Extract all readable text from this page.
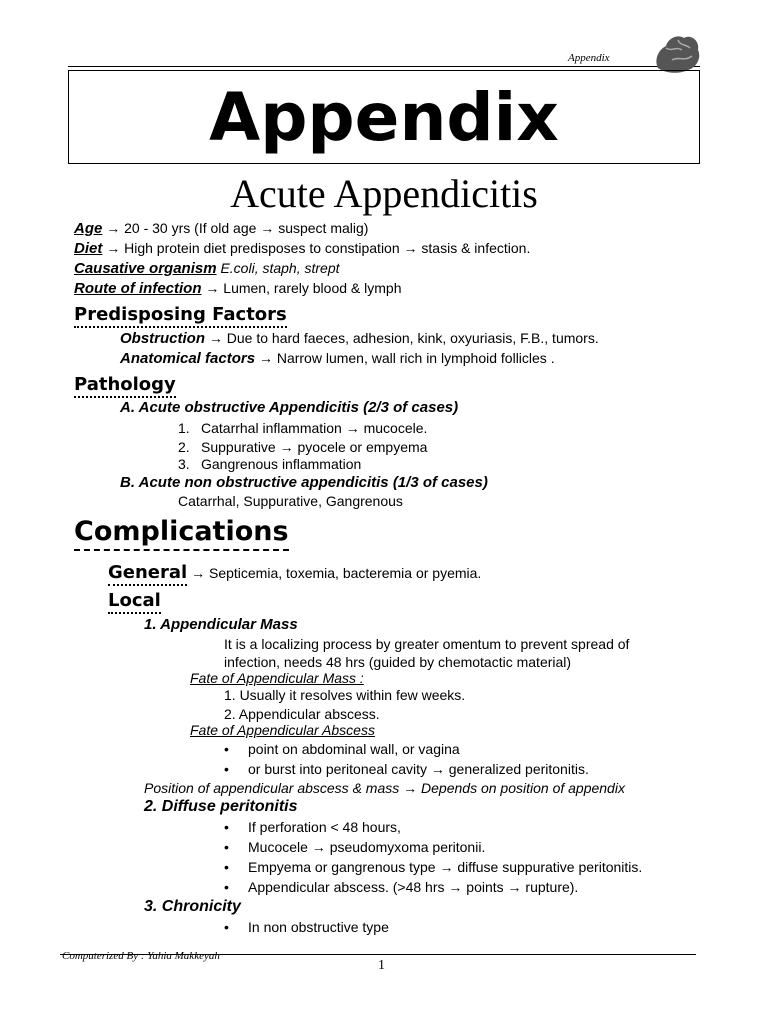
Appendix
Appendix
Acute Appendicitis
Age → 20 - 30 yrs (If old age → suspect malig)
Diet → High protein diet predisposes to constipation → stasis & infection.
Causative organism E.coli, staph, strept
Route of infection → Lumen, rarely blood & lymph
Predisposing Factors
Obstruction → Due to hard faeces, adhesion, kink, oxyuriasis, F.B., tumors.
Anatomical factors → Narrow lumen, wall rich in lymphoid follicles .
Pathology
A. Acute obstructive Appendicitis (2/3 of cases)
1. Catarrhal inflammation → mucocele.
2. Suppurative → pyocele or empyema
3. Gangrenous inflammation
B. Acute non obstructive appendicitis (1/3 of cases)
Catarrhal, Suppurative, Gangrenous
Complications
General → Septicemia, toxemia, bacteremia or pyemia.
Local
1. Appendicular Mass
It is a localizing process by greater omentum to prevent spread of
infection, needs 48 hrs (guided by chemotactic material)
Fate of Appendicular Mass :
1. Usually it resolves within few weeks.
2. Appendicular abscess.
Fate of Appendicular Abscess
• point on abdominal wall, or vagina
• or burst into peritoneal cavity → generalized peritonitis.
Position of appendicular abscess & mass → Depends on position of appendix
2. Diffuse peritonitis
• If perforation < 48 hours,
• Mucocele → pseudomyxoma peritonii.
• Empyema or gangrenous type → diffuse suppurative peritonitis.
• Appendicular abscess. (>48 hrs → points → rupture).
3. Chronicity
• In non obstructive type
Computerized By : Yahia Makkeyah
1
